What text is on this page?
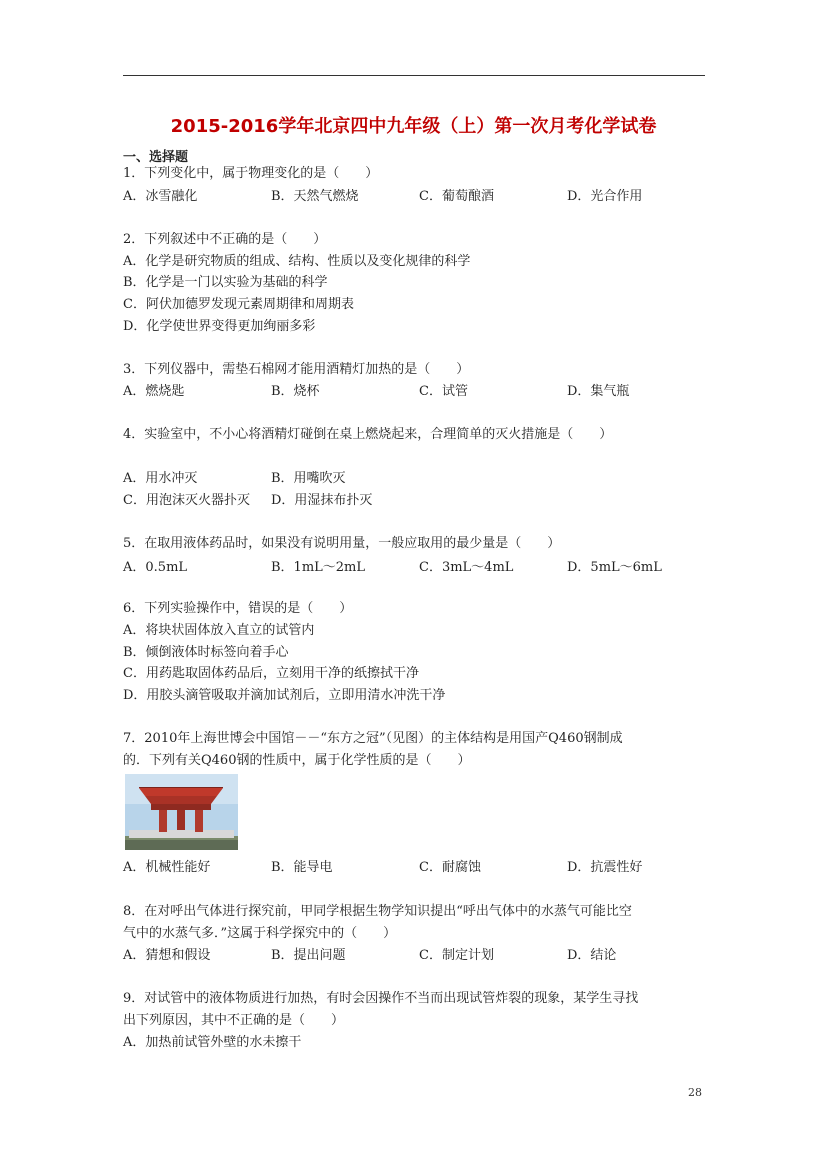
2015-2016学年北京四中九年级（上）第一次月考化学试卷
一、选择题
1．下列变化中，属于物理变化的是（　　）
A．冰雪融化	B．天然气燃烧	C．葡萄酿酒	D．光合作用
2．下列叙述中不正确的是（　　）
A．化学是研究物质的组成、结构、性质以及变化规律的科学
B．化学是一门以实验为基础的科学
C．阿伏加德罗发现元素周期律和周期表
D．化学使世界变得更加绚丽多彩
3．下列仪器中，需垫石棉网才能用酒精灯加热的是（　　）
A．燃烧匙	B．烧杯	C．试管	D．集气瓶
4．实验室中，不小心将酒精灯碰倒在桌上燃烧起来，合理简单的灭火措施是（　　）
A．用水冲灭	B．用嘴吹灭
C．用泡沫灭火器扑灭 D．用湿抹布扑灭
5．在取用液体药品时，如果没有说明用量，一般应取用的最少量是（　　）
A．0.5mL	B．1mL～2mL	C．3mL～4mL	D．5mL～6mL
6．下列实验操作中，错误的是（　　）
A．将块状固体放入直立的试管内
B．倾倒液体时标签向着手心
C．用药匙取固体药品后，立刻用干净的纸擦拭干净
D．用胶头滴管吸取并滴加试剂后，立即用清水冲洗干净
7．2010年上海世博会中国馆－－“东方之冠”（见图）的主体结构是用国产Q460钢制成
的．下列有关Q460钢的性质中，属于化学性质的是（　　）
A．机械性能好	B．能导电	C．耐腐蚀	D．抗震性好
8．在对呼出气体进行探究前，甲同学根据生物学知识提出“呼出气体中的水蒸气可能比空
气中的水蒸气多．”这属于科学探究中的（　　）
A．猜想和假设	B．提出问题	C．制定计划	D．结论
9．对试管中的液体物质进行加热，有时会因操作不当而出现试管炸裂的现象，某学生寻找
出下列原因，其中不正确的是（　　）
A．加热前试管外壁的水未擦干
28
